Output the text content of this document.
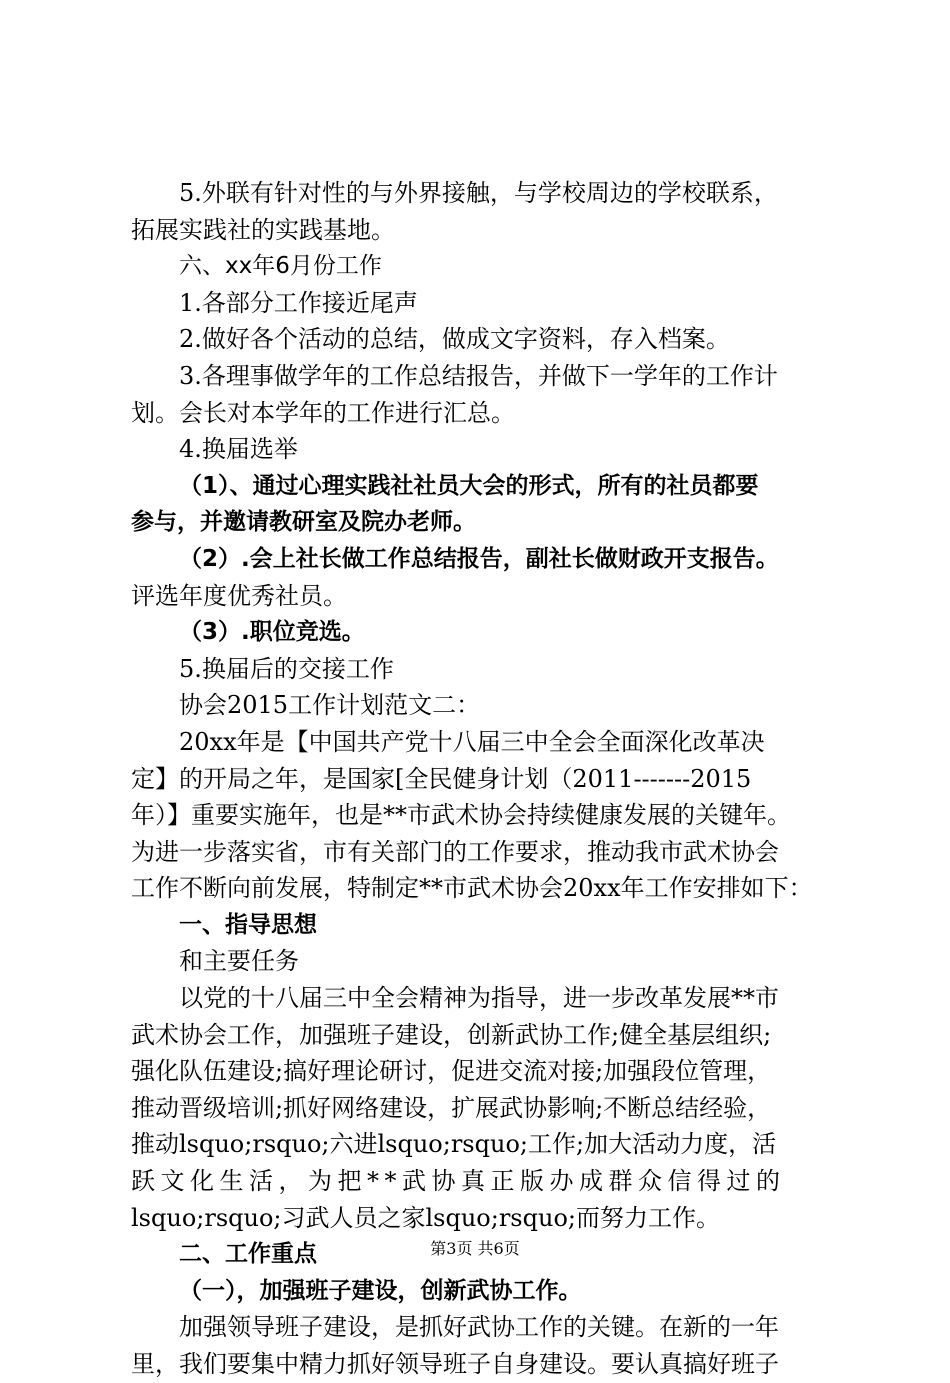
5.外联有针对性的与外界接触，与学校周边的学校联系，
拓展实践社的实践基地。
六、xx年6月份工作
1.各部分工作接近尾声
2.做好各个活动的总结，做成文字资料，存入档案。
3.各理事做学年的工作总结报告，并做下一学年的工作计
划。会长对本学年的工作进行汇总。
4.换届选举
（1）、通过心理实践社社员大会的形式，所有的社员都要
参与，并邀请教研室及院办老师。
（2）.会上社长做工作总结报告，副社长做财政开支报告。
评选年度优秀社员。
（3）.职位竞选。
5.换届后的交接工作
协会2015工作计划范文二：
20xx年是【中国共产党十八届三中全会全面深化改革决
定】的开局之年，是国家[全民健身计划（2011-------2015
年）】重要实施年，也是**市武术协会持续健康发展的关键年。
为进一步落实省，市有关部门的工作要求，推动我市武术协会
工作不断向前发展，特制定**市武术协会20xx年工作安排如下：
一、指导思想
和主要任务
以党的十八届三中全会精神为指导，进一步改革发展**市
武术协会工作，加强班子建设，创新武协工作;健全基层组织;
强化队伍建设;搞好理论研讨，促进交流对接;加强段位管理，
推动晋级培训;抓好网络建设，扩展武协影响;不断总结经验，
推动lsquo;rsquo;六进lsquo;rsquo;工作;加大活动力度，活
跃文化生活，为把**武协真正版办成群众信得过的
lsquo;rsquo;习武人员之家lsquo;rsquo;而努力工作。
二、工作重点
（一），加强班子建设，创新武协工作。
加强领导班子建设，是抓好武协工作的关键。在新的一年
里，我们要集中精力抓好领导班子自身建设。要认真搞好班子
第3页 共6页
